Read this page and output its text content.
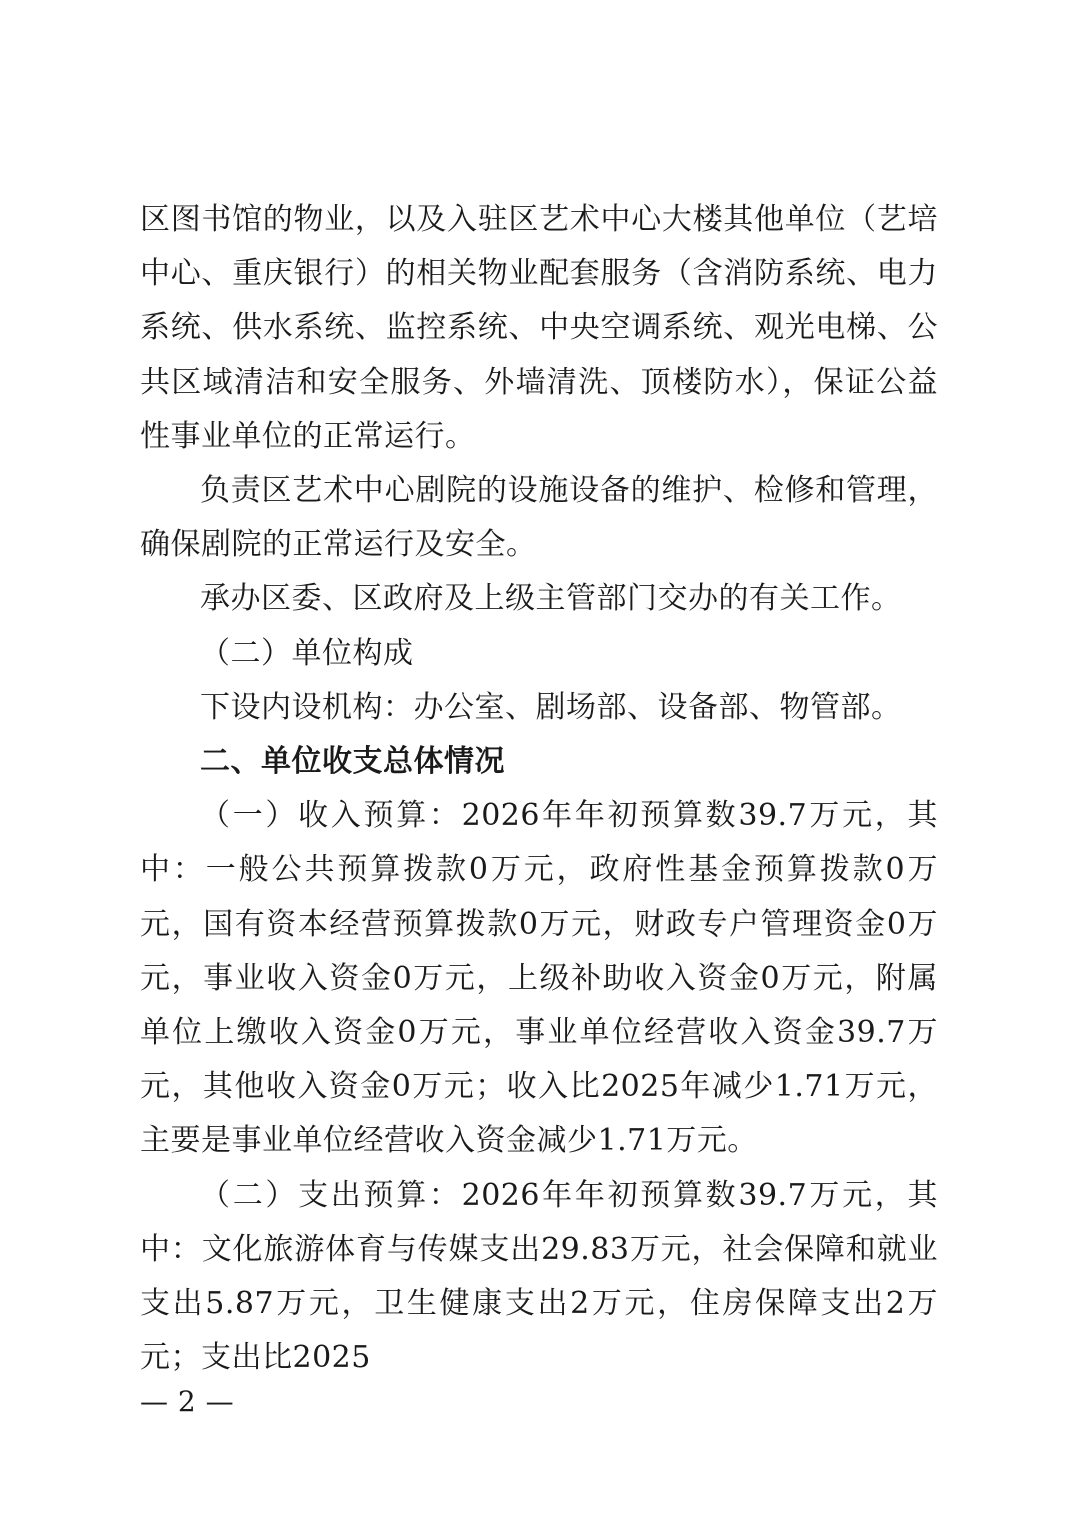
区图书馆的物业，以及入驻区艺术中心大楼其他单位（艺培中心、重庆银行）的相关物业配套服务（含消防系统、电力系统、供水系统、监控系统、中央空调系统、观光电梯、公共区域清洁和安全服务、外墙清洗、顶楼防水），保证公益性事业单位的正常运行。

负责区艺术中心剧院的设施设备的维护、检修和管理，确保剧院的正常运行及安全。

承办区委、区政府及上级主管部门交办的有关工作。

（二）单位构成

下设内设机构：办公室、剧场部、设备部、物管部。

二、单位收支总体情况

（一）收入预算：2026年年初预算数39.7万元，其中：一般公共预算拨款0万元，政府性基金预算拨款0万元，国有资本经营预算拨款0万元，财政专户管理资金0万元，事业收入资金0万元，上级补助收入资金0万元，附属单位上缴收入资金0万元，事业单位经营收入资金39.7万元，其他收入资金0万元；收入比2025年减少1.71万元，主要是事业单位经营收入资金减少1.71万元。

（二）支出预算：2026年年初预算数39.7万元，其中：文化旅游体育与传媒支出29.83万元，社会保障和就业支出5.87万元，卫生健康支出2万元，住房保障支出2万元；支出比2025

— 2 —
